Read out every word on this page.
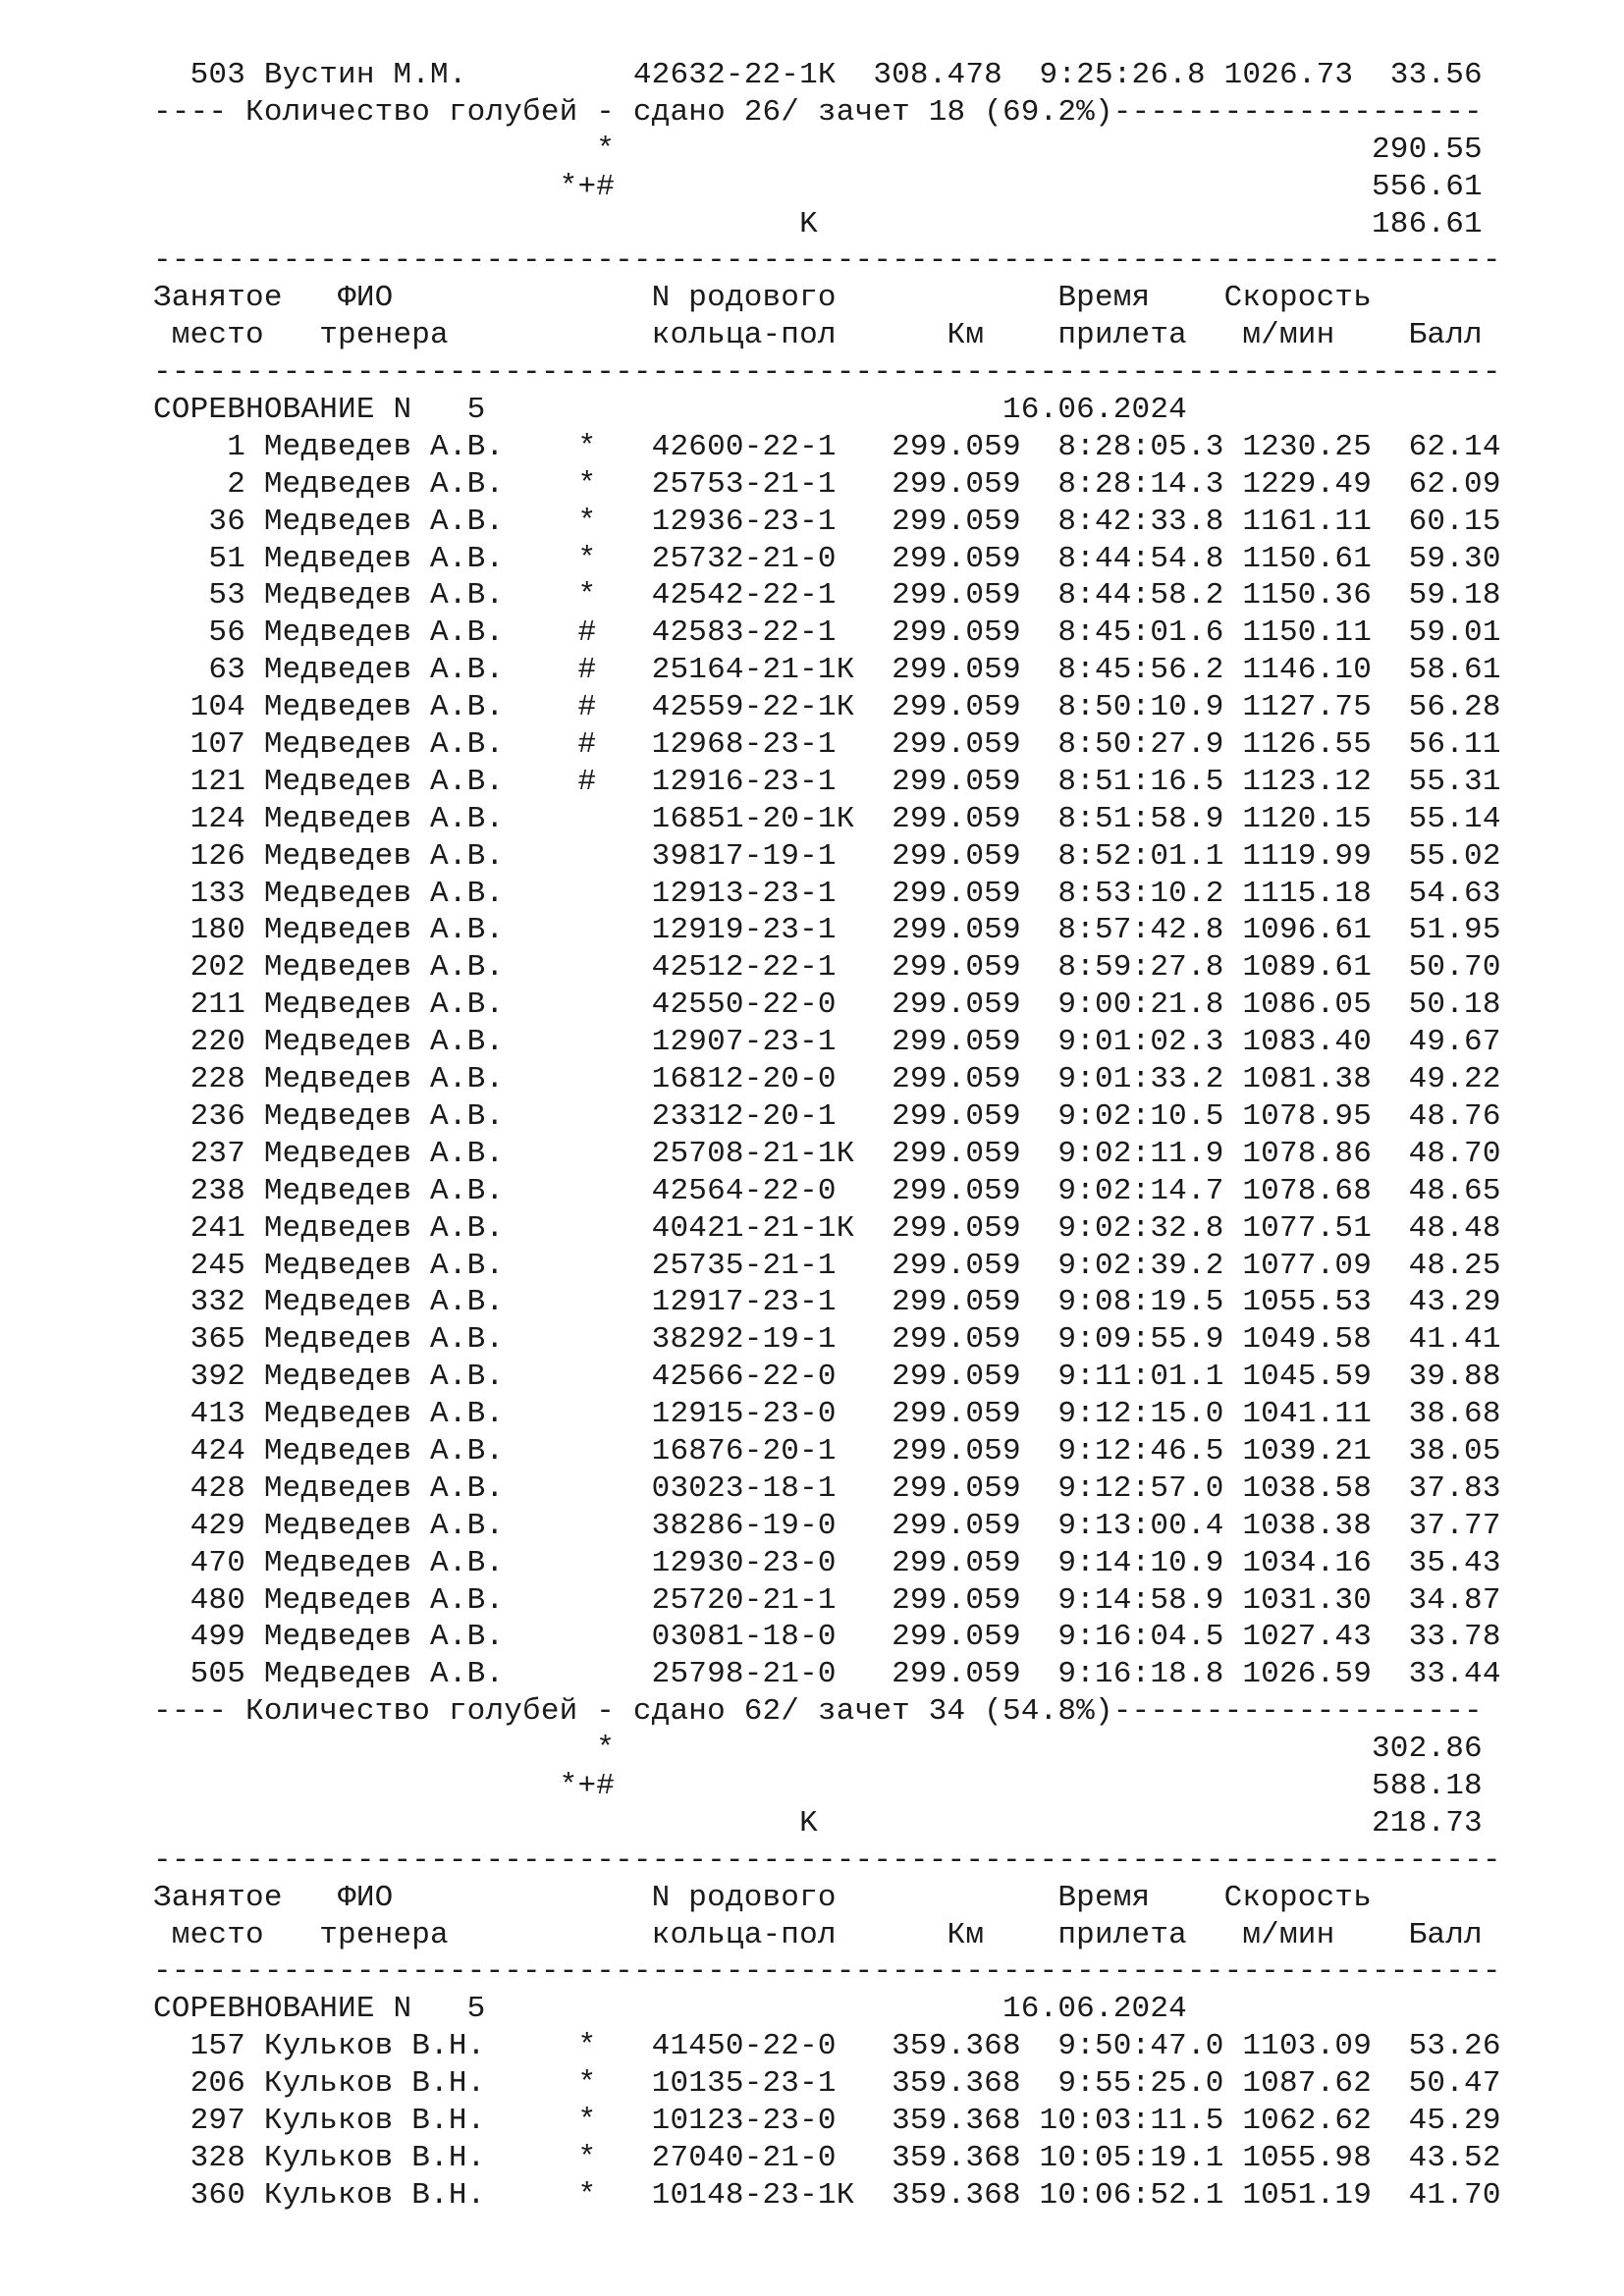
503 Вустин М.М.         42632-22-1К  308.478  9:25:26.8 1026.73  33.56
---- Количество голубей - сдано 26/ зачет 18 (69.2%)--------------------
*                                         290.55
*+#                                         556.61
K                              186.61
-------------------------------------------------------------------------
Занятое   ФИО              N родового            Время    Скорость
место   тренера           кольца-пол      Км    прилета   м/мин    Балл
-------------------------------------------------------------------------
СОРЕВНОВАНИЕ N   5                            16.06.2024
1 Медведев А.В.    *   42600-22-1   299.059  8:28:05.3 1230.25  62.14
2 Медведев А.В.    *   25753-21-1   299.059  8:28:14.3 1229.49  62.09
36 Медведев А.В.    *   12936-23-1   299.059  8:42:33.8 1161.11  60.15
51 Медведев А.В.    *   25732-21-0   299.059  8:44:54.8 1150.61  59.30
53 Медведев А.В.    *   42542-22-1   299.059  8:44:58.2 1150.36  59.18
56 Медведев А.В.    #   42583-22-1   299.059  8:45:01.6 1150.11  59.01
63 Медведев А.В.    #   25164-21-1К  299.059  8:45:56.2 1146.10  58.61
104 Медведев А.В.    #   42559-22-1К  299.059  8:50:10.9 1127.75  56.28
107 Медведев А.В.    #   12968-23-1   299.059  8:50:27.9 1126.55  56.11
121 Медведев А.В.    #   12916-23-1   299.059  8:51:16.5 1123.12  55.31
124 Медведев А.В.        16851-20-1К  299.059  8:51:58.9 1120.15  55.14
126 Медведев А.В.        39817-19-1   299.059  8:52:01.1 1119.99  55.02
133 Медведев А.В.        12913-23-1   299.059  8:53:10.2 1115.18  54.63
180 Медведев А.В.        12919-23-1   299.059  8:57:42.8 1096.61  51.95
202 Медведев А.В.        42512-22-1   299.059  8:59:27.8 1089.61  50.70
211 Медведев А.В.        42550-22-0   299.059  9:00:21.8 1086.05  50.18
220 Медведев А.В.        12907-23-1   299.059  9:01:02.3 1083.40  49.67
228 Медведев А.В.        16812-20-0   299.059  9:01:33.2 1081.38  49.22
236 Медведев А.В.        23312-20-1   299.059  9:02:10.5 1078.95  48.76
237 Медведев А.В.        25708-21-1К  299.059  9:02:11.9 1078.86  48.70
238 Медведев А.В.        42564-22-0   299.059  9:02:14.7 1078.68  48.65
241 Медведев А.В.        40421-21-1К  299.059  9:02:32.8 1077.51  48.48
245 Медведев А.В.        25735-21-1   299.059  9:02:39.2 1077.09  48.25
332 Медведев А.В.        12917-23-1   299.059  9:08:19.5 1055.53  43.29
365 Медведев А.В.        38292-19-1   299.059  9:09:55.9 1049.58  41.41
392 Медведев А.В.        42566-22-0   299.059  9:11:01.1 1045.59  39.88
413 Медведев А.В.        12915-23-0   299.059  9:12:15.0 1041.11  38.68
424 Медведев А.В.        16876-20-1   299.059  9:12:46.5 1039.21  38.05
428 Медведев А.В.        03023-18-1   299.059  9:12:57.0 1038.58  37.83
429 Медведев А.В.        38286-19-0   299.059  9:13:00.4 1038.38  37.77
470 Медведев А.В.        12930-23-0   299.059  9:14:10.9 1034.16  35.43
480 Медведев А.В.        25720-21-1   299.059  9:14:58.9 1031.30  34.87
499 Медведев А.В.        03081-18-0   299.059  9:16:04.5 1027.43  33.78
505 Медведев А.В.        25798-21-0   299.059  9:16:18.8 1026.59  33.44
---- Количество голубей - сдано 62/ зачет 34 (54.8%)--------------------
*                                         302.86
*+#                                         588.18
K                              218.73
-------------------------------------------------------------------------
Занятое   ФИО              N родового            Время    Скорость
место   тренера           кольца-пол      Км    прилета   м/мин    Балл
-------------------------------------------------------------------------
СОРЕВНОВАНИЕ N   5                            16.06.2024
157 Кульков В.Н.     *   41450-22-0   359.368  9:50:47.0 1103.09  53.26
206 Кульков В.Н.     *   10135-23-1   359.368  9:55:25.0 1087.62  50.47
297 Кульков В.Н.     *   10123-23-0   359.368 10:03:11.5 1062.62  45.29
328 Кульков В.Н.     *   27040-21-0   359.368 10:05:19.1 1055.98  43.52
360 Кульков В.Н.     *   10148-23-1К  359.368 10:06:52.1 1051.19  41.70
